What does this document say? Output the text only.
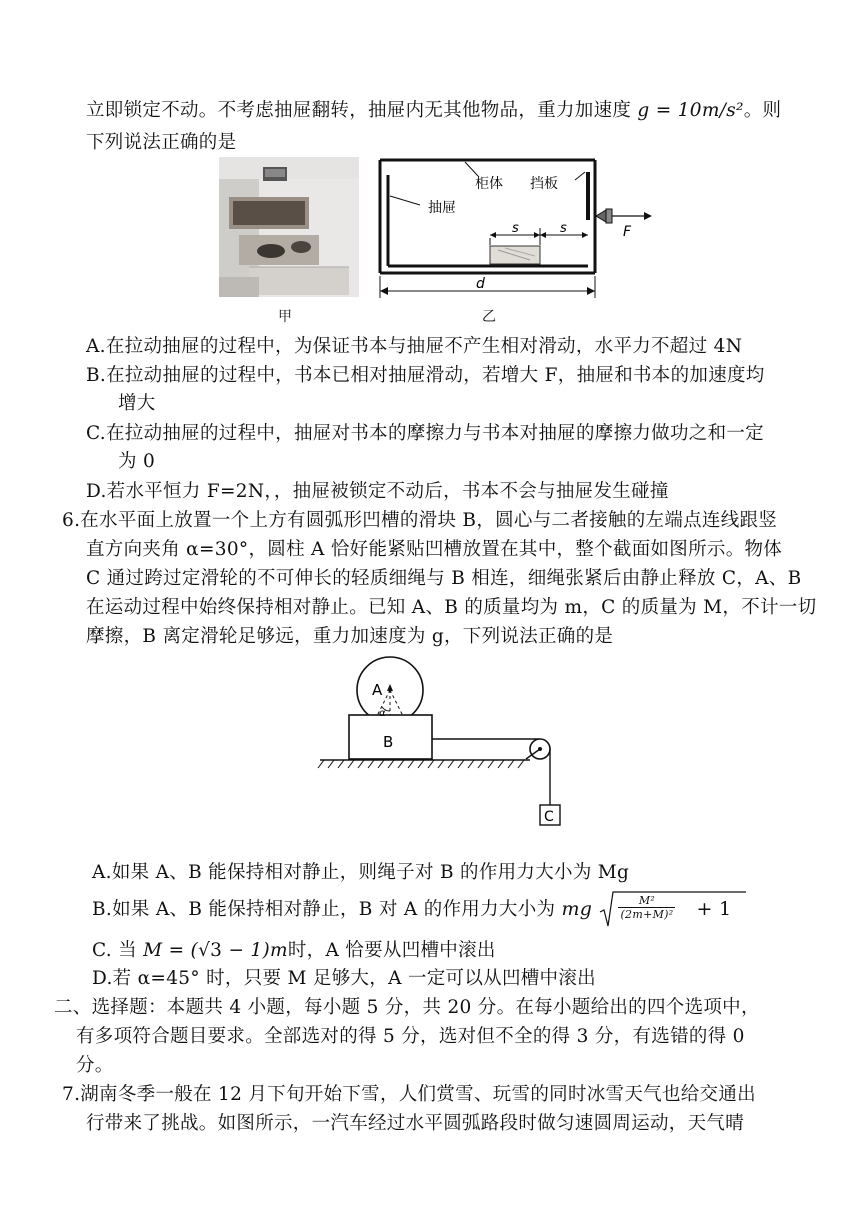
立即锁定不动。不考虑抽屉翻转，抽屉内无其他物品，重力加速度 g = 10m/s²。则
下列说法正确的是
柜体 挡板
抽屉
s	s	F
d
甲	乙
A.在拉动抽屉的过程中，为保证书本与抽屉不产生相对滑动，水平力不超过 4N
B.在拉动抽屉的过程中，书本已相对抽屉滑动，若增大 F，抽屉和书本的加速度均
增大
C.在拉动抽屉的过程中，抽屉对书本的摩擦力与书本对抽屉的摩擦力做功之和一定
为 0
D.若水平恒力 F=2N，，抽屉被锁定不动后，书本不会与抽屉发生碰撞
6.在水平面上放置一个上方有圆弧形凹槽的滑块 B，圆心与二者接触的左端点连线跟竖
直方向夹角 α=30°，圆柱 A 恰好能紧贴凹槽放置在其中，整个截面如图所示。物体
C 通过跨过定滑轮的不可伸长的轻质细绳与 B 相连，细绳张紧后由静止释放 C，A、B
在运动过程中始终保持相对静止。已知 A、B 的质量均为 m，C 的质量为 M，不计一切
摩擦，B 离定滑轮足够远，重力加速度为 g，下列说法正确的是
A
α
B
C
A.如果 A、B 能保持相对静止，则绳子对 B 的作用力大小为 Mg
B.如果 A、B 能保持相对静止，B 对 A 的作用力大小为 mg $\frac{\text{M²}}{\text{(2m+M)²}} + 1$
C. 当 M = (√3 − 1)m时，A 恰要从凹槽中滚出
D.若 α=45° 时，只要 M 足够大，A 一定可以从凹槽中滚出
二、选择题：本题共 4 小题，每小题 5 分，共 20 分。在每小题给出的四个选项中，
有多项符合题目要求。全部选对的得 5 分，选对但不全的得 3 分，有选错的得 0
分。
7.湖南冬季一般在 12 月下旬开始下雪，人们赏雪、玩雪的同时冰雪天气也给交通出
行带来了挑战。如图所示，一汽车经过水平圆弧路段时做匀速圆周运动，天气晴
